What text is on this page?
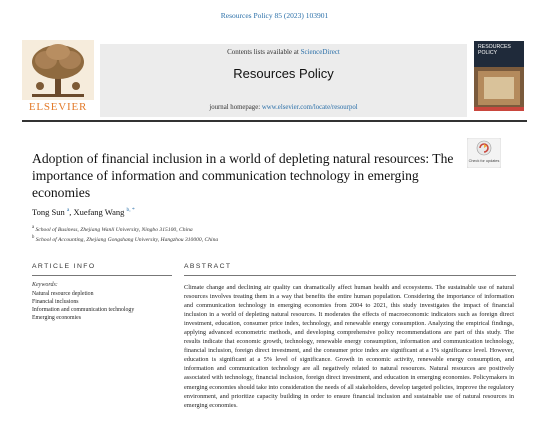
Resources Policy 85 (2023) 103901
ELSEVIER
Contents lists available at ScienceDirect
Resources Policy
journal homepage: www.elsevier.com/locate/resourpol
RESOURCES POLICY
Adoption of financial inclusion in a world of depleting natural resources: The importance of information and communication technology in emerging economies
Check for updates
Tong Sun $^a$, Xuefang Wang $^{b, *}$
$^a$ School of Business, Zhejiang Wanli University, Ningbo 315100, China
$^b$ School of Accounting, Zhejiang Gongshang University, Hangzhou 310000, China
ARTICLE INFO
Keywords:
Natural resource depletion
Financial inclusions
Information and communication technology
Emerging economies
ABSTRACT
Climate change and declining air quality can dramatically affect human health and ecosystems. The sustainable use of natural resources involves treating them in a way that benefits the entire human population. Considering the importance of information and communication technology in emerging economies from 2004 to 2021, this study investigates the impact of financial inclusion in a world of depleting natural resources. It moderates the effects of macroeconomic indicators such as foreign direct investment, education, consumer price index, technology, and renewable energy consumption. Analyzing the empirical findings, applying advanced econometric methods, and developing comprehensive policy recommendations are part of this study. The results indicate that economic growth, technology, renewable energy consumption, information and communication technology, financial inclusion, foreign direct investment, and the consumer price index are significant at a 1% significance level. However, education is significant at a 5% level of significance. Growth in economic activity, renewable energy consumption, and information and communication technology are all negatively related to natural resources. Natural resources are positively associated with technology, financial inclusion, foreign direct investment, and education in emerging economies. Policymakers in emerging economies should take into consideration the needs of all stakeholders, develop targeted policies, improve the regulatory environment, and prioritize capacity building in order to ensure financial inclusion and sustainable use of natural resources in emerging economies.
